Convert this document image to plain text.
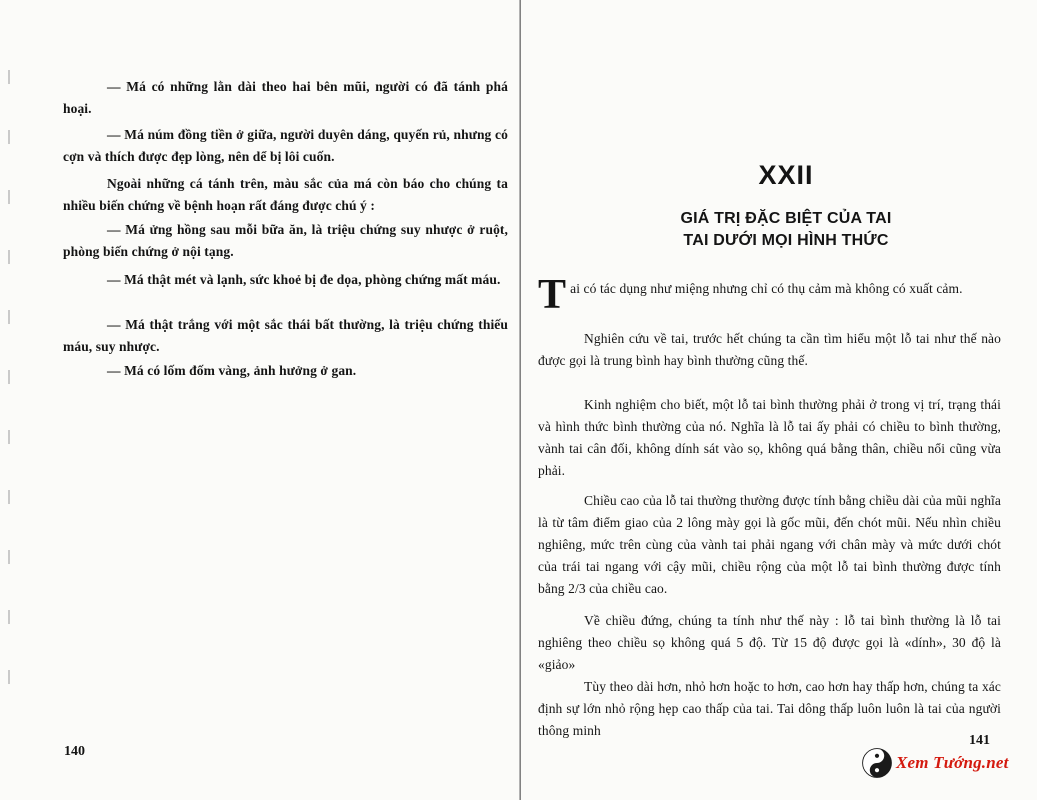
— Má có những lằn dài theo hai bên mũi, người có đã tánh phá hoại.

— Má núm đồng tiền ở giữa, người duyên dáng, quyến rủ, nhưng có cợn và thích được đẹp lòng, nên dể bị lôi cuốn.

Ngoài những cá tánh trên, màu sắc của má còn báo cho chúng ta nhiều biến chứng về bệnh hoạn rất đáng được chú ý :

— Má ửng hồng sau mỗi bữa ăn, là triệu chứng suy nhược ở ruột, phòng biến chứng ở nội tạng.

— Má thật mét và lạnh, sức khoẻ bị đe dọa, phòng chứng mất máu.

— Má thật trắng với một sắc thái bất thường, là triệu chứng thiếu máu, suy nhược.

— Má có lốm đốm vàng, ảnh hưởng ở gan.

140

XXII
GIÁ TRỊ ĐẶC BIỆT CỦA TAI
TAI DƯỚI MỌI HÌNH THỨC

Tai có tác dụng như miệng nhưng chỉ có thụ cảm mà không có xuất cảm.

Nghiên cứu về tai, trước hết chúng ta cần tìm hiểu một lỗ tai như thế nào được gọi là trung bình hay bình thường cũng thế.

Kinh nghiệm cho biết, một lỗ tai bình thường phải ở trong vị trí, trạng thái và hình thức bình thường của nó. Nghĩa là lỗ tai ấy phải có chiều to bình thường, vành tai cân đối, không dính sát vào sọ, không quá bằng thân, chiều nổi cũng vừa phải.

Chiều cao của lỗ tai thường thường được tính bằng chiều dài của mũi nghĩa là từ tâm điểm giao của 2 lông mày gọi là gốc mũi, đến chót mũi. Nếu nhìn chiều nghiêng, mức trên cùng của vành tai phải ngang với chân mày và mức dưới chót của trái tai ngang với cậy mũi, chiều rộng của một lỗ tai bình thường được tính bằng 2/3 của chiều cao.

Về chiều đứng, chúng ta tính như thế này : lỗ tai bình thường là lỗ tai nghiêng theo chiều sọ không quá 5 độ. Từ 15 độ được gọi là «dính», 30 độ là «giảo»

Tùy theo dài hơn, nhỏ hơn hoặc to hơn, cao hơn hay thấp hơn, chúng ta xác định sự lớn nhỏ rộng hẹp cao thấp của tai. Tai dông thấp luôn luôn là tai của người thông minh

141

Xem Tướng.net
